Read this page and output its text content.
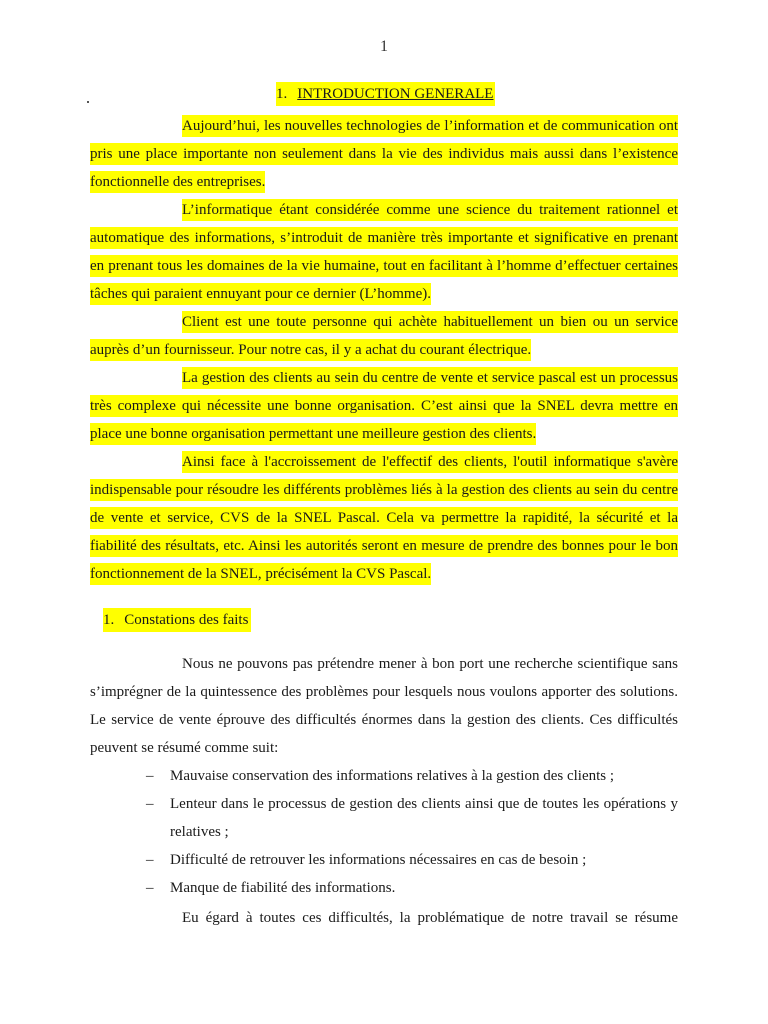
1
1. INTRODUCTION GENERALE

Aujourd’hui, les nouvelles technologies de l’information et de communication ont pris une place importante non seulement dans la vie des individus mais aussi dans l’existence fonctionnelle des entreprises.

L’informatique étant considérée comme une science du traitement rationnel et automatique des informations, s’introduit de manière très importante et significative en prenant en prenant tous les domaines de la vie humaine, tout en facilitant à l’homme d’effectuer certaines tâches qui paraient ennuyant pour ce dernier (L’homme).

Client est une toute personne qui achète habituellement un bien ou un service auprès d’un fournisseur. Pour notre cas, il y a achat du courant électrique.

La gestion des clients au sein du centre de vente et service pascal est un processus très complexe qui nécessite une bonne organisation. C’est ainsi que la SNEL devra mettre en place une bonne organisation permettant une meilleure gestion des clients.

Ainsi face à l'accroissement de l'effectif des clients, l'outil informatique s'avère indispensable pour résoudre les différents problèmes liés à la gestion des clients au sein du centre de vente et service, CVS de la SNEL Pascal. Cela va permettre la rapidité, la sécurité et la fiabilité des résultats, etc. Ainsi les autorités seront en mesure de prendre des bonnes pour le bon fonctionnement de la SNEL, précisément la CVS Pascal.

1. Constations des faits

Nous ne pouvons pas prétendre mener à bon port une recherche scientifique sans s’imprégner de la quintessence des problèmes pour lesquels nous voulons apporter des solutions. Le service de vente éprouve des difficultés énormes dans la gestion des clients. Ces difficultés peuvent se résumé comme suit:

– Mauvaise conservation des informations relatives à la gestion des clients ;
– Lenteur dans le processus de gestion des clients ainsi que de toutes les opérations y relatives ;
– Difficulté de retrouver les informations nécessaires en cas de besoin ;
– Manque de fiabilité des informations.

Eu égard à toutes ces difficultés, la problématique de notre travail se résume
